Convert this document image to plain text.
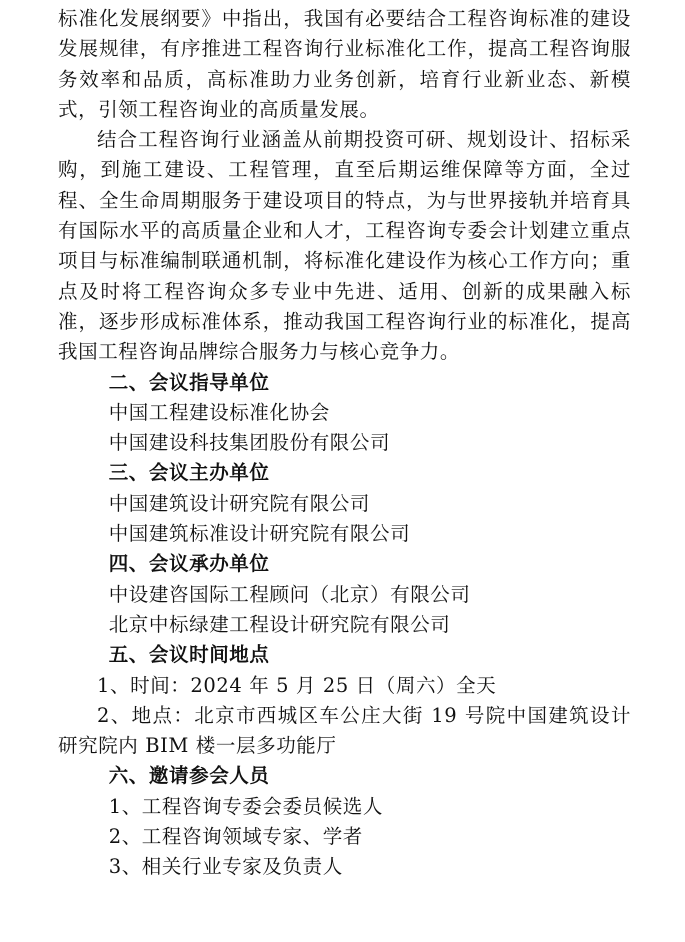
标准化发展纲要》中指出，我国有必要结合工程咨询标准的建设发展规律，有序推进工程咨询行业标准化工作，提高工程咨询服务效率和品质，高标准助力业务创新，培育行业新业态、新模式，引领工程咨询业的高质量发展。

结合工程咨询行业涵盖从前期投资可研、规划设计、招标采购，到施工建设、工程管理，直至后期运维保障等方面，全过程、全生命周期服务于建设项目的特点，为与世界接轨并培育具有国际水平的高质量企业和人才，工程咨询专委会计划建立重点项目与标准编制联通机制，将标准化建设作为核心工作方向；重点及时将工程咨询众多专业中先进、适用、创新的成果融入标准，逐步形成标准体系，推动我国工程咨询行业的标准化，提高我国工程咨询品牌综合服务力与核心竞争力。

二、会议指导单位

中国工程建设标准化协会

中国建设科技集团股份有限公司

三、会议主办单位

中国建筑设计研究院有限公司

中国建筑标准设计研究院有限公司

四、会议承办单位

中设建咨国际工程顾问（北京）有限公司

北京中标绿建工程设计研究院有限公司

五、会议时间地点

1、时间：2024 年 5 月 25 日（周六）全天

2、地点：北京市西城区车公庄大街 19 号院中国建筑设计研究院内 BIM 楼一层多功能厅

六、邀请参会人员

1、工程咨询专委会委员候选人

2、工程咨询领域专家、学者

3、相关行业专家及负责人
